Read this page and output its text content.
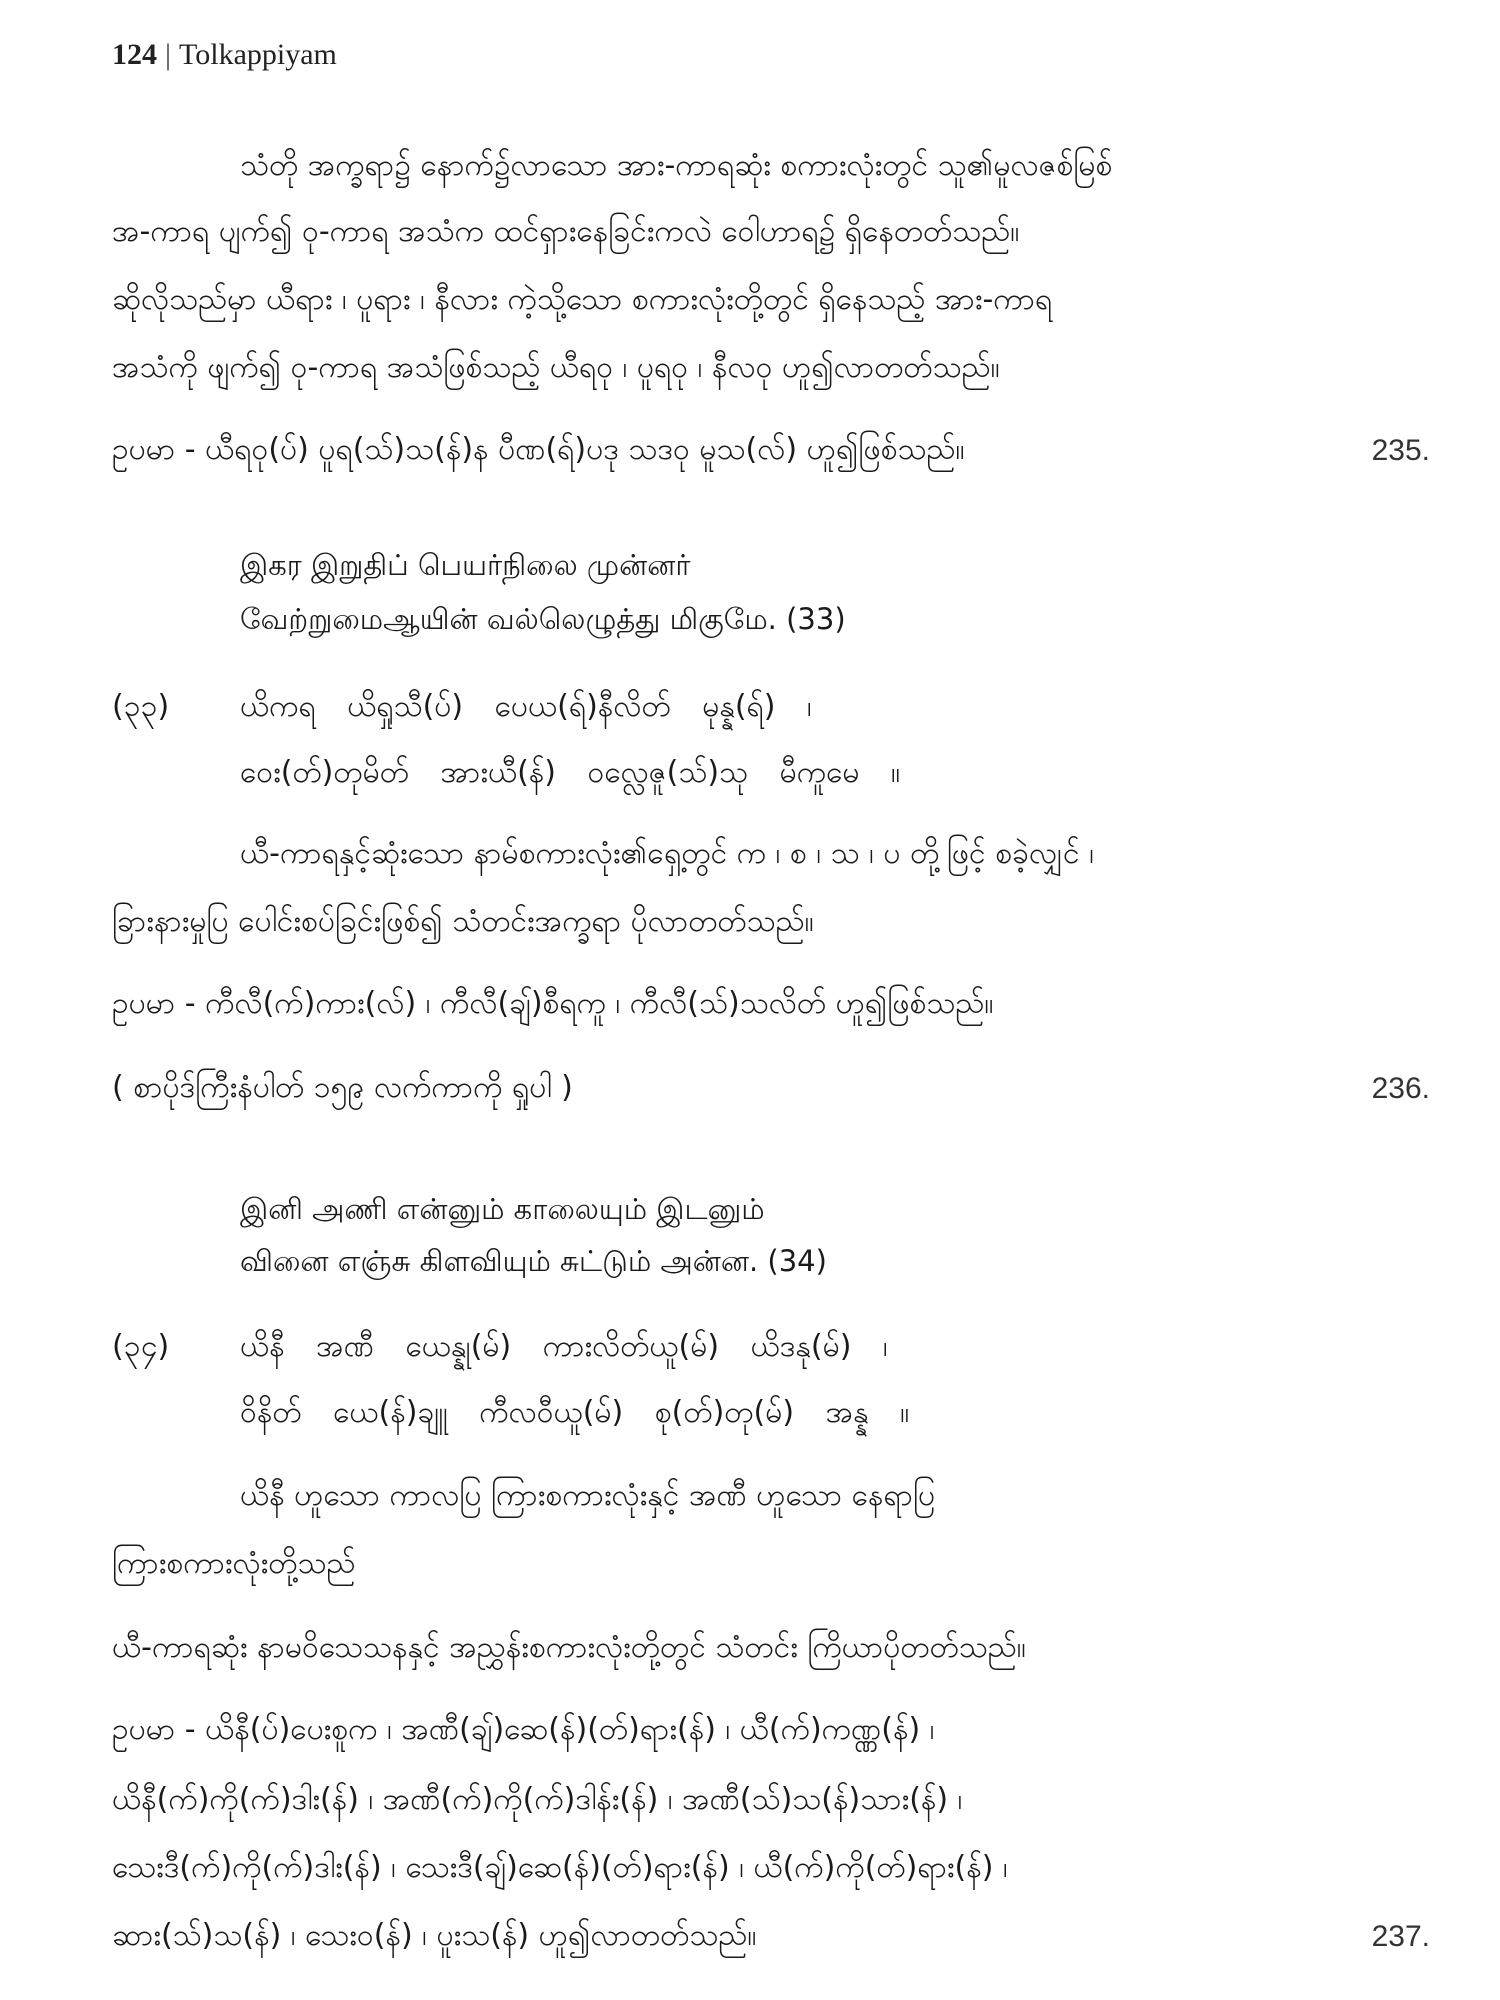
124 | Tolkappiyam
သံတို အက္ခရာ၌ နောက်၌လာသော အား-ကာရဆုံး စကားလုံးတွင် သူ၏မူလဇစ်မြစ်
အ-ကာရ ပျက်၍ ဝု-ကာရ အသံက ထင်ရှားနေခြင်းကလဲ ဝေါဟာရ၌ ရှိနေတတ်သည်။
ဆိုလိုသည်မှာ ယီရား ၊ ပူရား ၊ နီလား ကဲ့သို့သော စကားလုံးတို့တွင် ရှိနေသည့် အား-ကာရ
အသံကို ဖျက်၍ ဝု-ကာရ အသံဖြစ်သည့် ယီရဝု ၊ ပူရဝု ၊ နီလဝု ဟူ၍လာတတ်သည်။
ဥပမာ - ယီရဝု(ပ်) ပူရ(သ်)သ(န်)န ပီဏ(ရ်)ပဒု သဒဝု မူသ(လ်) ဟူ၍ဖြစ်သည်။	235.
இகர இறுதிப் பெயர்நிலை முன்னர்
வேற்றுமைஆயின் வல்லெழுத்து மிகுமே. (33)
(၃၃) ယိကရ ယိရှုသီ(ပ်) ပေယ(ရ်)နီလိတ် မုန္န(ရ်) ၊
ဝေး(တ်)တုမိတ် အားယီ(န်) ဝလ္လေဇူ(သ်)သု မီကူမေ ။
ယီ-ကာရနှင့်ဆုံးသော နာမ်စကားလုံး၏ရှေ့တွင် က ၊ စ ၊ သ ၊ ပ တို့ဖြင့် စခဲ့လျှင် ၊
ခြားနားမှုပြ ပေါင်းစပ်ခြင်းဖြစ်၍ သံတင်းအက္ခရာ ပိုလာတတ်သည်။
ဥပမာ - ကီလီ(က်)ကား(လ်) ၊ ကီလီ(ချ်)စီရကူ ၊ ကီလီ(သ်)သလိတ် ဟူ၍ဖြစ်သည်။
( စာပိုဒ်ကြီးနံပါတ် ၁၅၉ လက်ကာကို ရှုပါ )	236.
இனி அணி என்னும் காலையும் இடனும்
வினை எஞ்சு கிளவியும் சுட்டும் அன்ன. (34)
(၃၄) ယိနီ အဏီ ယေန္နု(မ်) ကားလိတ်ယူ(မ်) ယိဒနု(မ်) ၊
ဝိနိတ် ယေ(န်)ချူ ကီလဝီယူ(မ်) စု(တ်)တု(မ်) အန္န ။
ယိနီ ဟူသော ကာလပြ ကြားစကားလုံးနှင့် အဏီ ဟူသော နေရာပြ
ကြားစကားလုံးတို့သည်
ယီ-ကာရဆုံး နာမဝိသေသနနှင့် အညွှန်းစကားလုံးတို့တွင် သံတင်း ကြိယာပိုတတ်သည်။
ဥပမာ - ယိနီ(ပ်)ပေးစူက ၊ အဏီ(ချ်)ဆေ(န်)(တ်)ရား(န်) ၊ ယီ(က်)ကဏ္ဏ(န်) ၊
ယိနီ(က်)ကို(က်)ဒါး(န်) ၊ အဏီ(က်)ကို(က်)ဒါန်း(န်) ၊ အဏီ(သ်)သ(န်)သား(န်) ၊
သေးဒီ(က်)ကို(က်)ဒါး(န်) ၊ သေးဒီ(ချ်)ဆေ(န်)(တ်)ရား(န်) ၊ ယီ(က်)ကို(တ်)ရား(န်) ၊
ဆား(သ်)သ(န်) ၊ သေးဝ(န်) ၊ ပူးသ(န်) ဟူ၍လာတတ်သည်။	237.
